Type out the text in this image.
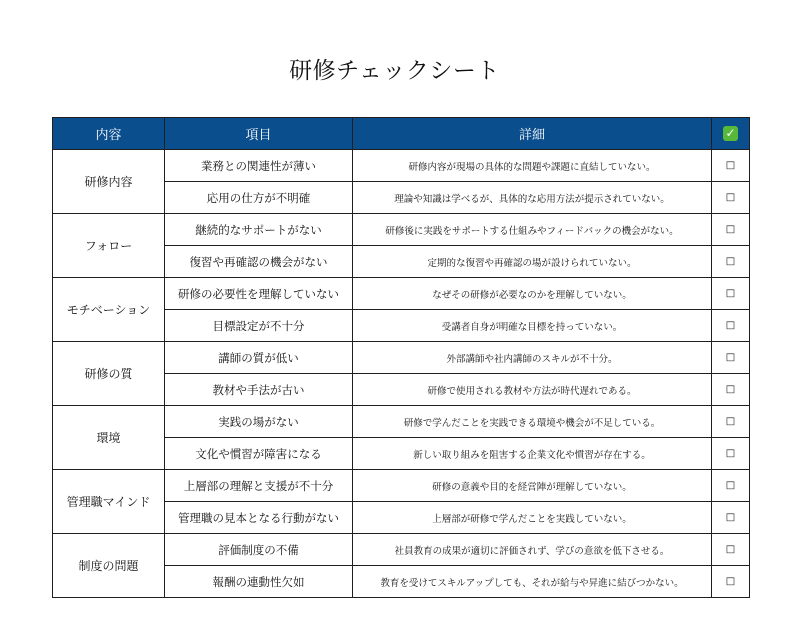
研修チェックシート
内容	項目	詳細	✓
研修内容	業務との関連性が薄い	研修内容が現場の具体的な問題や課題に直結していない。	□
	応用の仕方が不明確	理論や知識は学べるが、具体的な応用方法が提示されていない。	□
フォロー	継続的なサポートがない	研修後に実践をサポートする仕組みやフィードバックの機会がない。	□
	復習や再確認の機会がない	定期的な復習や再確認の場が設けられていない。	□
モチベーション	研修の必要性を理解していない	なぜその研修が必要なのかを理解していない。	□
	目標設定が不十分	受講者自身が明確な目標を持っていない。	□
研修の質	講師の質が低い	外部講師や社内講師のスキルが不十分。	□
	教材や手法が古い	研修で使用される教材や方法が時代遅れである。	□
環境	実践の場がない	研修で学んだことを実践できる環境や機会が不足している。	□
	文化や慣習が障害になる	新しい取り組みを阻害する企業文化や慣習が存在する。	□
管理職マインド	上層部の理解と支援が不十分	研修の意義や目的を経営陣が理解していない。	□
	管理職の見本となる行動がない	上層部が研修で学んだことを実践していない。	□
制度の問題	評価制度の不備	社員教育の成果が適切に評価されず、学びの意欲を低下させる。	□
	報酬の連動性欠如	教育を受けてスキルアップしても、それが給与や昇進に結びつかない。	□
